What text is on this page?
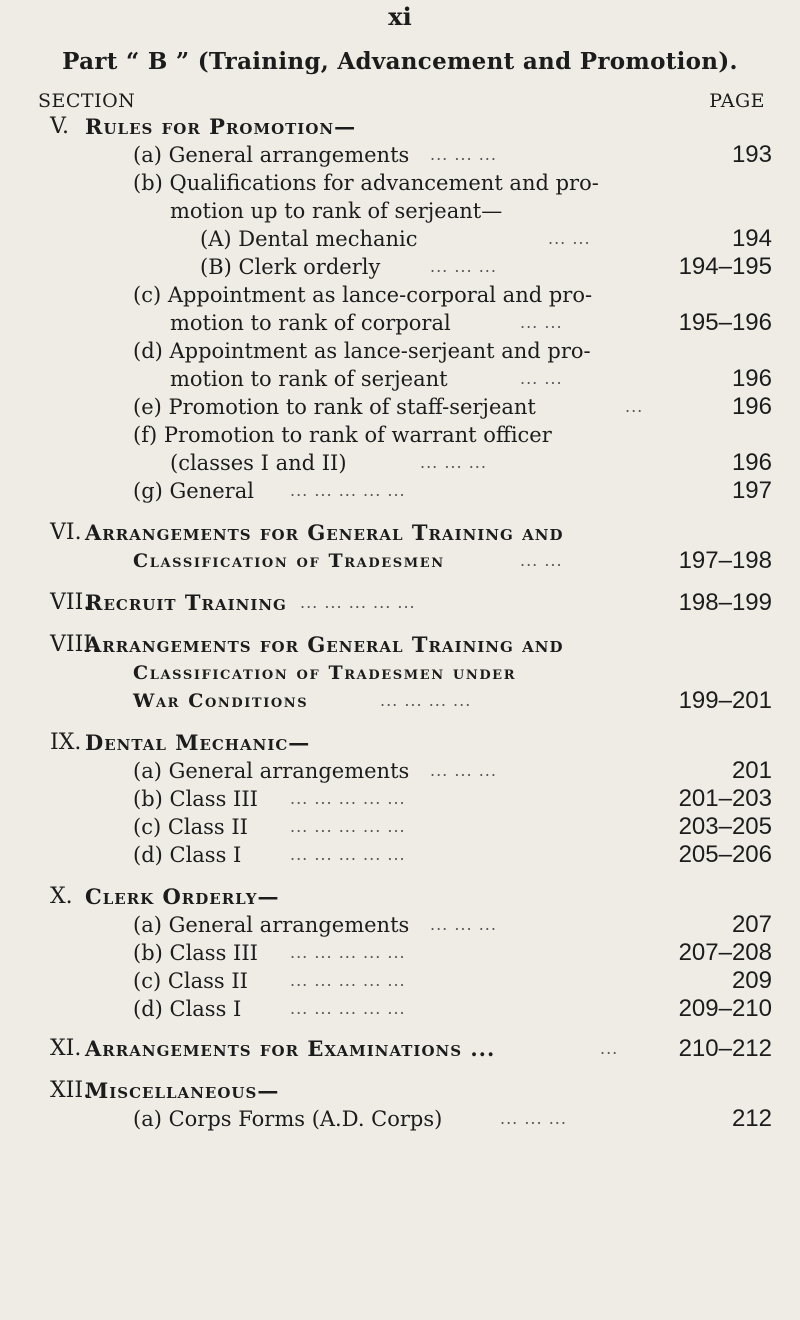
xi
Part “ B ” (Training, Advancement and Promotion).
SECTION	PAGE
V. Rules for Promotion—
(a) General arrangements ... ... ...	193
(b) Qualifications for advancement and pro-
motion up to rank of serjeant—
(A) Dental mechanic	... ...	194
(B) Clerk orderly	... ... ...	194–195
(c) Appointment as lance-corporal and pro-
motion to rank of corporal	... ...	195–196
(d) Appointment as lance-serjeant and pro-
motion to rank of serjeant	... ...	196
(e) Promotion to rank of staff-serjeant	...	196
(f) Promotion to rank of warrant officer
(classes I and II)	... ... ...	196
(g) General ... ... ... ... ...	197
VI. Arrangements for General Training and
Classification of Tradesmen	... ...	197–198
VII.
Recruit Training ... ... ... ... ...	198–199
VIII.
Arrangements for General Training and
Classification of Tradesmen under
War Conditions	... ... ... ...	199–201
IX. Dental Mechanic—
(a) General arrangements ... ... ...	201
(b) Class III ... ... ... ... ...	201–203
(c) Class II	... ... ... ... ...	203–205
(d) Class I	... ... ... ... ...	205–206
X. Clerk Orderly—
(a) General arrangements ... ... ...	207
(b) Class III ... ... ... ... ...	207–208
(c) Class II	... ... ... ... ...	209
(d) Class I	... ... ... ... ...	209–210
XI. Arrangements for Examinations ...	...	210–212
XII.
Miscellaneous—
(a) Corps Forms (A.D. Corps)	... ... ...	212
